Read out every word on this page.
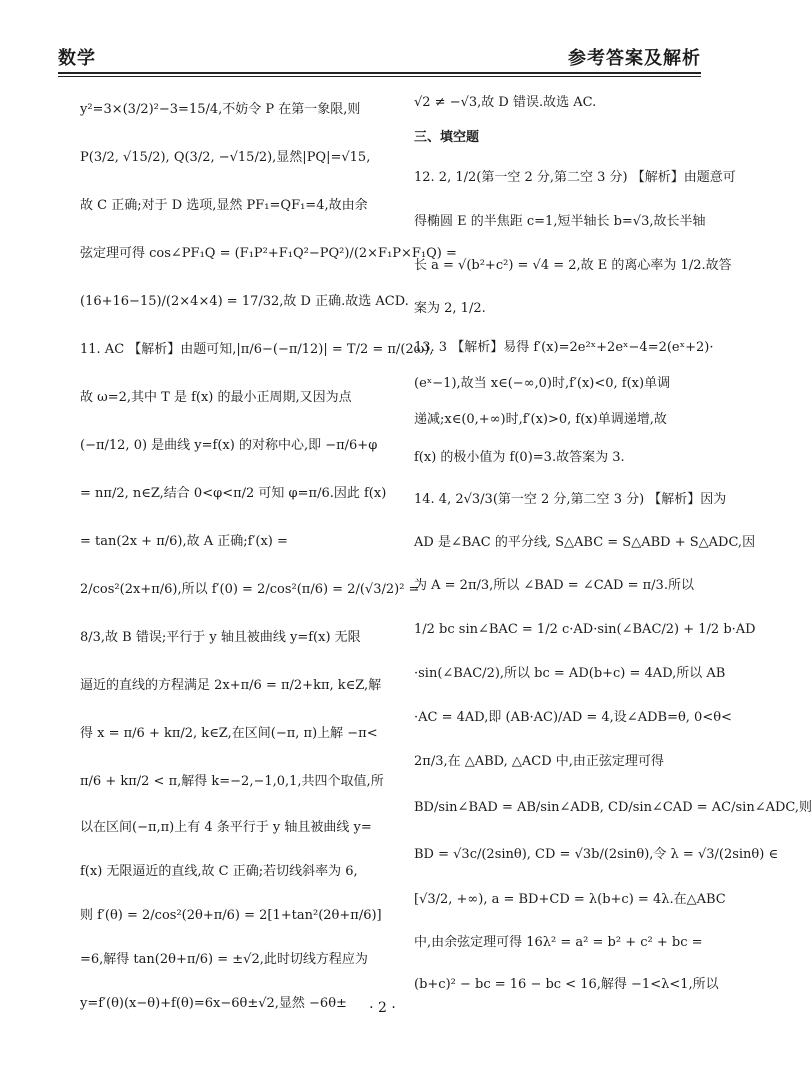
数学	参考答案及解析
y²=3×(3/2)²−3=15/4,不妨令 P 在第一象限,则
P(3/2, √15/2), Q(3/2, −√15/2),显然|PQ|=√15,
故 C 正确;对于 D 选项,显然 PF₁=QF₁=4,故由余
弦定理可得 cos∠PF₁Q = (F₁P²+F₁Q²−PQ²)/(2×F₁P×F₁Q) =
(16+16−15)/(2×4×4) = 17/32,故 D 正确.故选 ACD.
11. AC 【解析】由题可知,|π/6−(−π/12)| = T/2 = π/(2ω),
故 ω=2,其中 T 是 f(x) 的最小正周期,又因为点
(−π/12, 0) 是曲线 y=f(x) 的对称中心,即 −π/6+φ
= nπ/2, n∈Z,结合 0<φ<π/2 可知 φ=π/6.因此 f(x)
= tan(2x + π/6),故 A 正确;f′(x) =
2/cos²(2x+π/6),所以 f′(0) = 2/cos²(π/6) = 2/(√3/2)² =
8/3,故 B 错误;平行于 y 轴且被曲线 y=f(x) 无限
逼近的直线的方程满足 2x+π/6 = π/2+kπ, k∈Z,解
得 x = π/6 + kπ/2, k∈Z,在区间(−π, π)上解 −π<
π/6 + kπ/2 < π,解得 k=−2,−1,0,1,共四个取值,所
以在区间(−π,π)上有 4 条平行于 y 轴且被曲线 y=
f(x) 无限逼近的直线,故 C 正确;若切线斜率为 6,
则 f′(θ) = 2/cos²(2θ+π/6) = 2[1+tan²(2θ+π/6)]
=6,解得 tan(2θ+π/6) = ±√2,此时切线方程应为
y=f′(θ)(x−θ)+f(θ)=6x−6θ±√2,显然 −6θ±
√2 ≠ −√3,故 D 错误.故选 AC.
三、填空题
12. 2, 1/2(第一空 2 分,第二空 3 分) 【解析】由题意可
得椭圆 E 的半焦距 c=1,短半轴长 b=√3,故长半轴
长 a = √(b²+c²) = √4 = 2,故 E 的离心率为 1/2.故答
案为 2, 1/2.
13. 3 【解析】易得 f′(x)=2e²ˣ+2eˣ−4=2(eˣ+2)·
(eˣ−1),故当 x∈(−∞,0)时,f′(x)<0, f(x)单调
递减;x∈(0,+∞)时,f′(x)>0, f(x)单调递增,故
f(x) 的极小值为 f(0)=3.故答案为 3.
14. 4, 2√3/3(第一空 2 分,第二空 3 分) 【解析】因为
AD 是∠BAC 的平分线, S△ABC = S△ABD + S△ADC,因
为 A = 2π/3,所以 ∠BAD = ∠CAD = π/3.所以
1/2 bc sin∠BAC = 1/2 c·AD·sin(∠BAC/2) + 1/2 b·AD
·sin(∠BAC/2),所以 bc = AD(b+c) = 4AD,所以 AB
·AC = 4AD,即 (AB·AC)/AD = 4,设∠ADB=θ, 0<θ<
2π/3,在 △ABD, △ACD 中,由正弦定理可得
BD/sin∠BAD = AB/sin∠ADB, CD/sin∠CAD = AC/sin∠ADC,则
BD = √3c/(2sinθ), CD = √3b/(2sinθ),令 λ = √3/(2sinθ) ∈
[√3/2, +∞), a = BD+CD = λ(b+c) = 4λ.在△ABC
中,由余弦定理可得 16λ² = a² = b² + c² + bc =
(b+c)² − bc = 16 − bc < 16,解得 −1<λ<1,所以
· 2 ·
